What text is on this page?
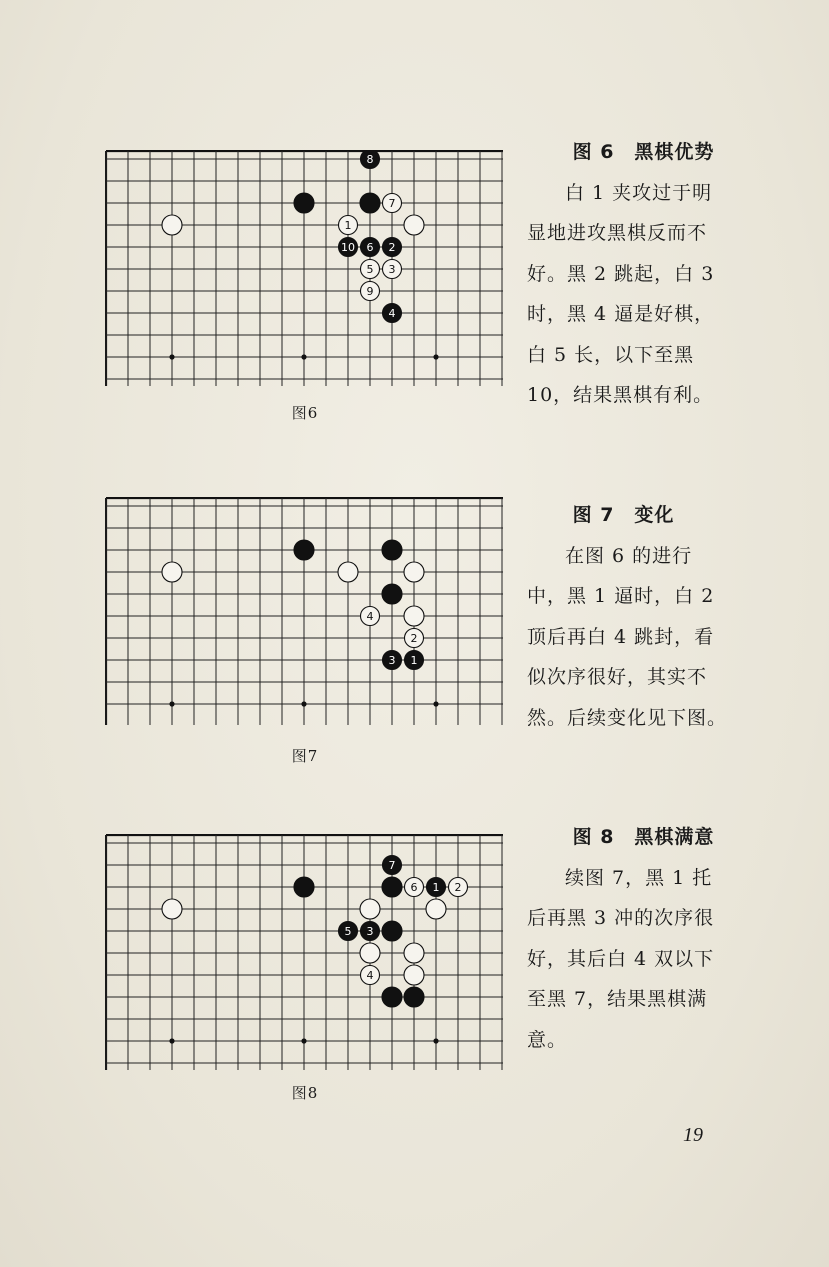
8
7
1
10 6 2
5 3
9
4
图6
4
2
3 1
图7
7
6 1 2
5 3
4
图8

图 6　黑棋优势

白 1 夹攻过于明显地进攻黑棋反而不好。黑 2 跳起，白 3 时，黑 4 逼是好棋，白 5 长，以下至黑 10，结果黑棋有利。

图 7　变化

在图 6 的进行中，黑 1 逼时，白 2 顶后再白 4 跳封，看似次序很好，其实不然。后续变化见下图。

图 8　黑棋满意

续图 7，黑 1 托后再黑 3 冲的次序很好，其后白 4 双以下至黑 7，结果黑棋满意。

19
